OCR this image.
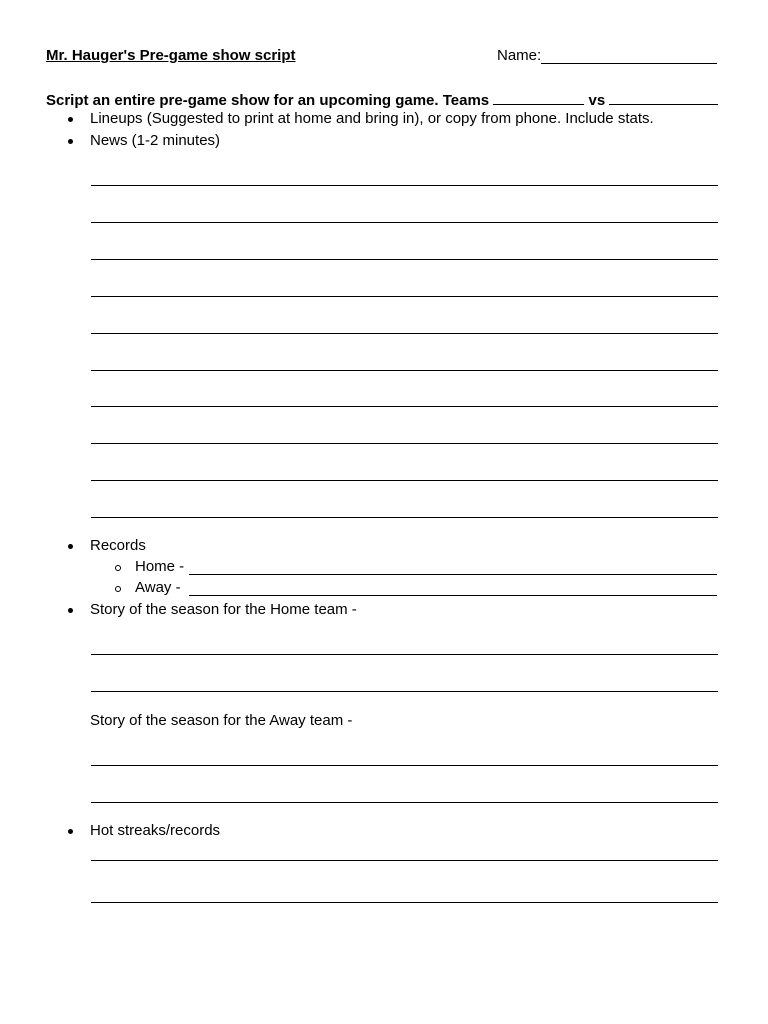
Mr. Hauger's Pre-game show script	Name:
Script an entire pre-game show for an upcoming game. Teams	vs
Lineups (Suggested to print at home and bring in), or copy from phone. Include stats.
News (1-2 minutes)
Records
Home -
Away -
Story of the season for the Home team -
Story of the season for the Away team -
Hot streaks/records
